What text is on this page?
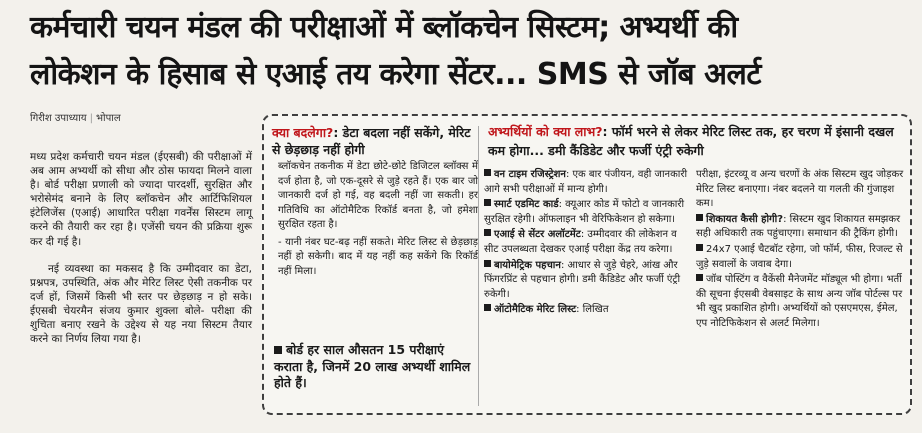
कर्मचारी चयन मंडल की परीक्षाओं में ब्लॉकचेन सिस्टम; अभ्यर्थी की
लोकेशन के हिसाब से एआई तय करेगा सेंटर... SMS से जॉब अलर्ट
गिरीश उपाध्याय | भोपाल
मध्य प्रदेश कर्मचारी चयन मंडल (ईएसबी) की परीक्षाओं में अब आम अभ्यर्थी को सीधा और ठोस फायदा मिलने वाला है। बोर्ड परीक्षा प्रणाली को ज्यादा पारदर्शी, सुरक्षित और भरोसेमंद बनाने के लिए ब्लॉकचेन और आर्टिफिशियल इंटेलिजेंस (एआई) आधारित परीक्षा गवर्नेंस सिस्टम लागू करने की तैयारी कर रहा है। एजेंसी चयन की प्रक्रिया शुरू कर दी गई है।
नई व्यवस्था का मकसद है कि उम्मीदवार का डेटा, प्रश्नपत्र, उपस्थिति, अंक और मेरिट लिस्ट ऐसी तकनीक पर दर्ज हों, जिसमें किसी भी स्तर पर छेड़छाड़ न हो सके। ईएसबी चेयरमैन संजय कुमार शुक्ला बोले- परीक्षा की शुचिता बनाए रखने के उद्देश्य से यह नया सिस्टम तैयार करने का निर्णय लिया गया है।
क्या बदलेगा?: डेटा बदला नहीं सकेंगे, मेरिट से छेड़छाड़ नहीं होगी

ब्लॉकचेन तकनीक में डेटा छोटे-छोटे डिजिटल ब्लॉक्स में दर्ज होता है, जो एक-दूसरे से जुड़े रहते हैं। एक बार जो जानकारी दर्ज हो गई, वह बदली नहीं जा सकती। हर गतिविधि का ऑटोमैटिक रिकॉर्ड बनता है, जो हमेशा सुरक्षित रहता है।

- यानी नंबर घट-बढ़ नहीं सकते। मेरिट लिस्ट से छेड़छाड़ नहीं हो सकेगी। बाद में यह नहीं कह सकेंगे कि रिकॉर्ड नहीं मिला।

बोर्ड हर साल औसतन 15 परीक्षाएं कराता है, जिनमें 20 लाख अभ्यर्थी शामिल होते हैं।
अभ्यर्थियों को क्या लाभ?: फॉर्म भरने से लेकर मेरिट लिस्ट तक, हर चरण में इंसानी दखल कम होगा... डमी कैंडिडेट और फर्जी एंट्री रुकेगी
वन टाइम रजिस्ट्रेशन: एक बार पंजीयन, वही जानकारी आगे सभी परीक्षाओं में मान्य होगी।
स्मार्ट एडमिट कार्ड: क्यूआर कोड में फोटो व जानकारी सुरक्षित रहेगी। ऑफलाइन भी वेरिफिकेशन हो सकेगा।
एआई से सेंटर अलॉटमेंट: उम्मीदवार की लोकेशन व सीट उपलब्धता देखकर एआई परीक्षा केंद्र तय करेगा।
बायोमेट्रिक पहचान: आधार से जुड़े चेहरे, आंख और फिंगरप्रिंट से पहचान होगी। डमी कैंडिडेट और फर्जी एंट्री रुकेगी।
ऑटोमैटिक मेरिट लिस्ट: लिखित
परीक्षा, इंटरव्यू व अन्य चरणों के अंक सिस्टम खुद जोड़कर मेरिट लिस्ट बनाएगा। नंबर बदलने या गलती की गुंजाइश कम।
शिकायत कैसी होगी?: सिस्टम खुद शिकायत समझकर सही अधिकारी तक पहुंचाएगा। समाधान की ट्रैकिंग होगी।
24x7 एआई चैटबॉट रहेगा, जो फॉर्म, फीस, रिजल्ट से जुड़े सवालों के जवाब देगा।
जॉब पोस्टिंग व वैकेंसी मैनेजमेंट मॉड्यूल भी होगा। भर्ती की सूचना ईएसबी वेबसाइट के साथ अन्य जॉब पोर्टल्स पर भी खुद प्रकाशित होगी। अभ्यर्थियों को एसएमएस, ईमेल, एप नोटिफिकेशन से अलर्ट मिलेगा।
